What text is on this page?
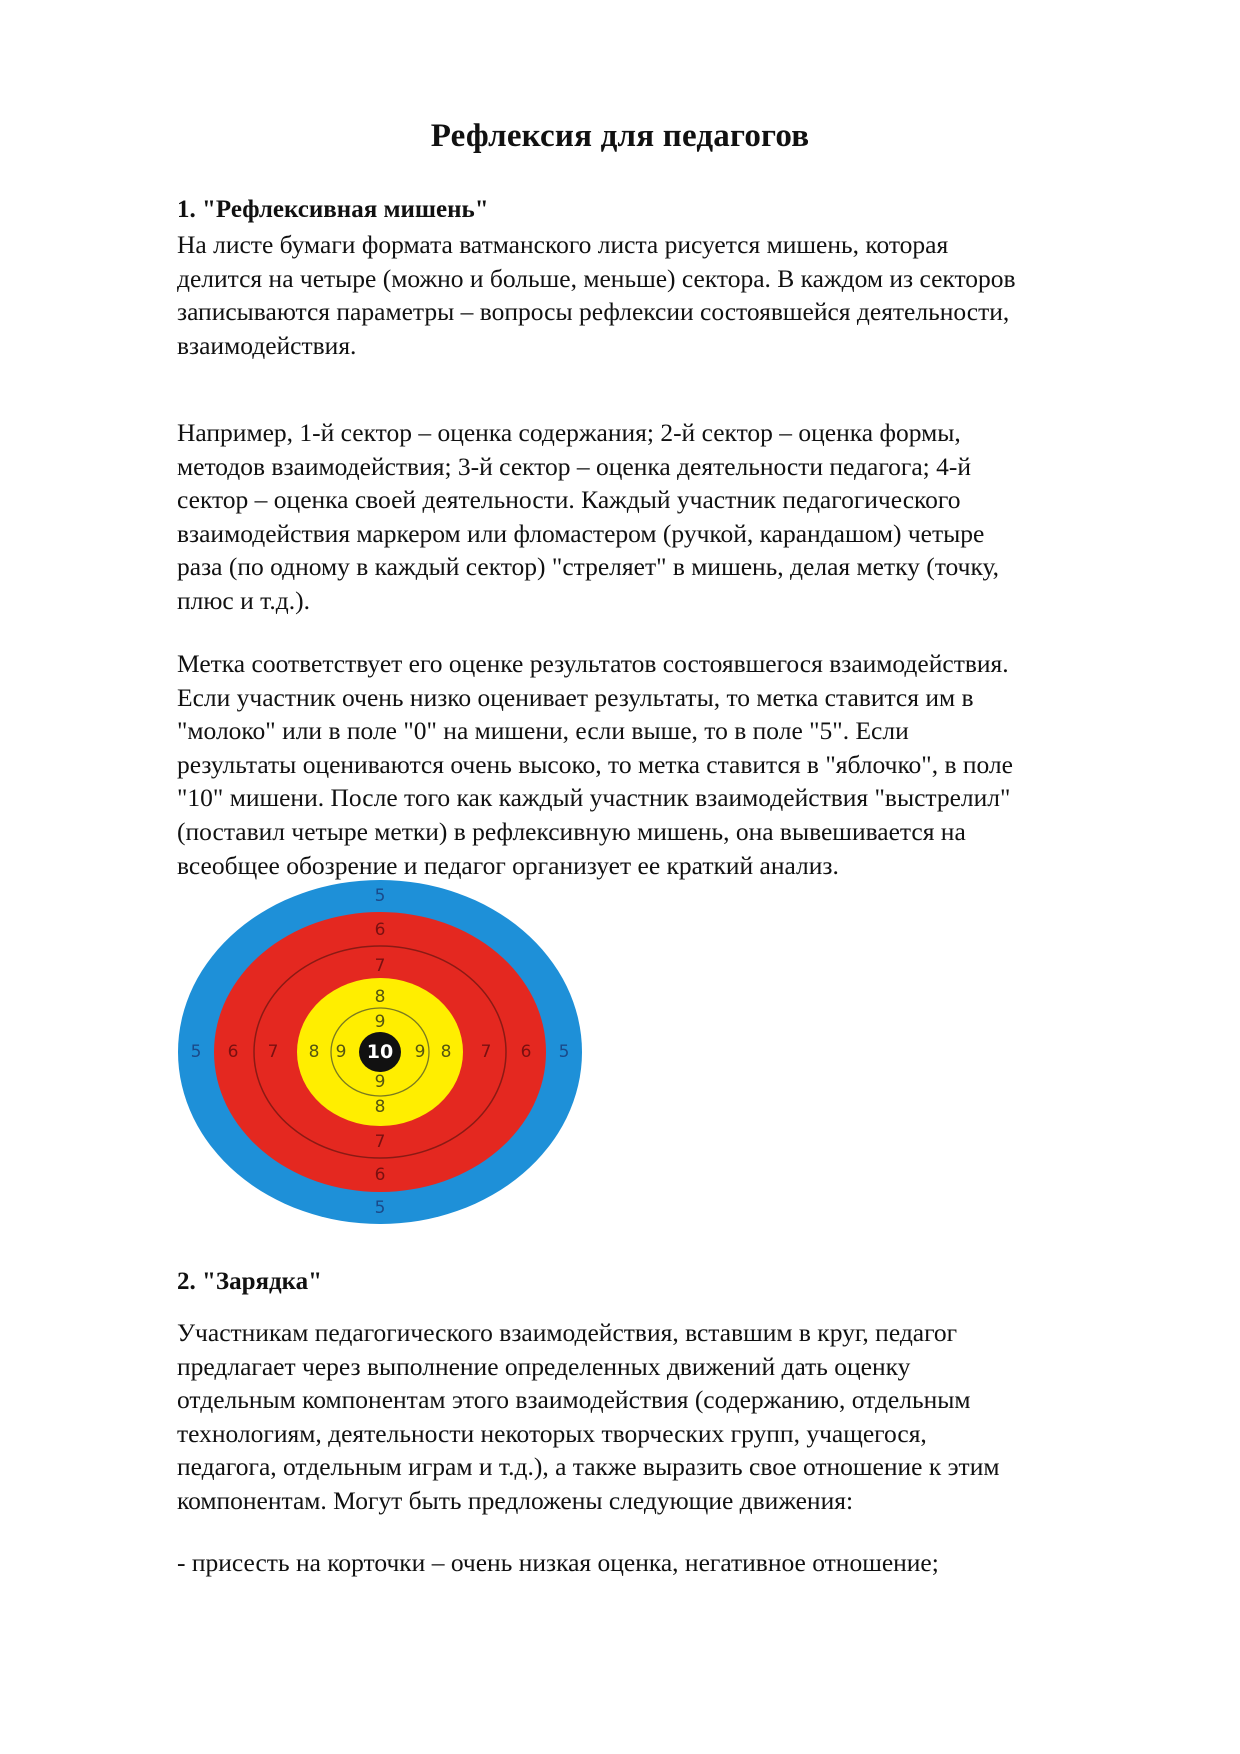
Рефлексия для педагогов
1. "Рефлексивная мишень"
На листе бумаги формата ватманского листа рисуется мишень, которая
делится на четыре (можно и больше, меньше) сектора. В каждом из секторов
записываются параметры – вопросы рефлексии состоявшейся деятельности,
взаимодействия.
Например, 1-й сектор – оценка содержания; 2-й сектор – оценка формы,
методов взаимодействия; 3-й сектор – оценка деятельности педагога; 4-й
сектор – оценка своей деятельности. Каждый участник педагогического
взаимодействия маркером или фломастером (ручкой, карандашом) четыре
раза (по одному в каждый сектор) "стреляет" в мишень, делая метку (точку,
плюс и т.д.).
Метка соответствует его оценке результатов состоявшегося взаимодействия.
Если участник очень низко оценивает результаты, то метка ставится им в
"молоко" или в поле "0" на мишени, если выше, то в поле "5". Если
результаты оцениваются очень высоко, то метка ставится в "яблочко", в поле
"10" мишени. После того как каждый участник взаимодействия "выстрелил"
(поставил четыре метки) в рефлексивную мишень, она вывешивается на
всеобщее обозрение и педагог организует ее краткий анализ.
5
6
7
8
9
9
8
7
6
5
5 6 7 8 9	9 8 7 6 5
10
2. "Зарядка"
Участникам педагогического взаимодействия, вставшим в круг, педагог
предлагает через выполнение определенных движений дать оценку
отдельным компонентам этого взаимодействия (содержанию, отдельным
технологиям, деятельности некоторых творческих групп, учащегося,
педагога, отдельным играм и т.д.), а также выразить свое отношение к этим
компонентам. Могут быть предложены следующие движения:
- присесть на корточки – очень низкая оценка, негативное отношение;
